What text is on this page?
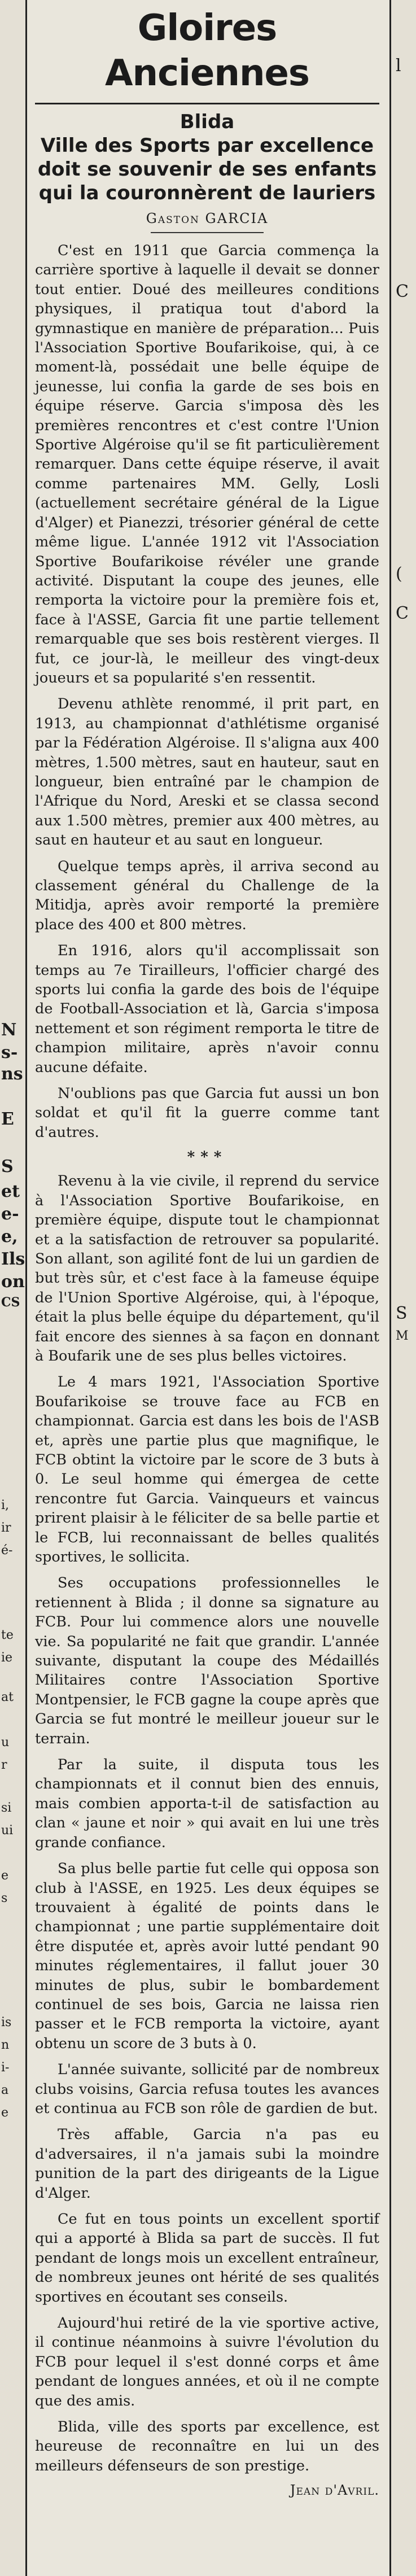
N
s-
ns
E
S
et
e-
e,
Ils
on
CS
i,
ir
é-
te
ie
at
u
r
si
ui
e
s
is
n
i-
a
e
l
C
(
C
S
M
Gloires Anciennes
Blida
Ville des Sports par excellence
doit se souvenir de ses enfants
qui la couronnèrent de lauriers
Gaston GARCIA

C'est en 1911 que Garcia commença la carrière sportive à laquelle il devait se donner tout entier. Doué des meilleures conditions physiques, il pratiqua tout d'abord la gymnastique en manière de préparation... Puis l'Association Sportive Boufarikoise, qui, à ce moment-là, possédait une belle équipe de jeunesse, lui confia la garde de ses bois en équipe réserve. Garcia s'imposa dès les premières rencontres et c'est contre l'Union Sportive Algéroise qu'il se fit particulièrement remarquer. Dans cette équipe réserve, il avait comme partenaires MM. Gelly, Losli (actuellement secrétaire général de la Ligue d'Alger) et Pianezzi, trésorier général de cette même ligue. L'année 1912 vit l'Association Sportive Boufarikoise révéler une grande activité. Disputant la coupe des jeunes, elle remporta la victoire pour la première fois et, face à l'ASSE, Garcia fit une partie tellement remarquable que ses bois restèrent vierges. Il fut, ce jour-là, le meilleur des vingt-deux joueurs et sa popularité s'en ressentit.

Devenu athlète renommé, il prit part, en 1913, au championnat d'athlétisme organisé par la Fédération Algéroise. Il s'aligna aux 400 mètres, 1.500 mètres, saut en hauteur, saut en longueur, bien entraîné par le champion de l'Afrique du Nord, Areski et se classa second aux 1.500 mètres, premier aux 400 mètres, au saut en hauteur et au saut en longueur.

Quelque temps après, il arriva second au classement général du Challenge de la Mitidja, après avoir remporté la première place des 400 et 800 mètres.

En 1916, alors qu'il accomplissait son temps au 7e Tirailleurs, l'officier chargé des sports lui confia la garde des bois de l'équipe de Football-Association et là, Garcia s'imposa nettement et son régiment remporta le titre de champion militaire, après n'avoir connu aucune défaite.

N'oublions pas que Garcia fut aussi un bon soldat et qu'il fit la guerre comme tant d'autres.

***

Revenu à la vie civile, il reprend du service à l'Association Sportive Boufarikoise, en première équipe, dispute tout le championnat et a la satisfaction de retrouver sa popularité. Son allant, son agilité font de lui un gardien de but très sûr, et c'est face à la fameuse équipe de l'Union Sportive Algéroise, qui, à l'époque, était la plus belle équipe du département, qu'il fait encore des siennes à sa façon en donnant à Boufarik une de ses plus belles victoires.

Le 4 mars 1921, l'Association Sportive Boufarikoise se trouve face au FCB en championnat. Garcia est dans les bois de l'ASB et, après une partie plus que magnifique, le FCB obtint la victoire par le score de 3 buts à 0. Le seul homme qui émergea de cette rencontre fut Garcia. Vainqueurs et vaincus prirent plaisir à le féliciter de sa belle partie et le FCB, lui reconnaissant de belles qualités sportives, le sollicita.

Ses occupations professionnelles le retiennent à Blida ; il donne sa signature au FCB. Pour lui commence alors une nouvelle vie. Sa popularité ne fait que grandir. L'année suivante, disputant la coupe des Médaillés Militaires contre l'Association Sportive Montpensier, le FCB gagne la coupe après que Garcia se fut montré le meilleur joueur sur le terrain.

Par la suite, il disputa tous les championnats et il connut bien des ennuis, mais combien apporta-t-il de satisfaction au clan « jaune et noir » qui avait en lui une très grande confiance.

Sa plus belle partie fut celle qui opposa son club à l'ASSE, en 1925. Les deux équipes se trouvaient à égalité de points dans le championnat ; une partie supplémentaire doit être disputée et, après avoir lutté pendant 90 minutes réglementaires, il fallut jouer 30 minutes de plus, subir le bombardement continuel de ses bois, Garcia ne laissa rien passer et le FCB remporta la victoire, ayant obtenu un score de 3 buts à 0.

L'année suivante, sollicité par de nombreux clubs voisins, Garcia refusa toutes les avances et continua au FCB son rôle de gardien de but.

Très affable, Garcia n'a pas eu d'adversaires, il n'a jamais subi la moindre punition de la part des dirigeants de la Ligue d'Alger.

Ce fut en tous points un excellent sportif qui a apporté à Blida sa part de succès. Il fut pendant de longs mois un excellent entraîneur, de nombreux jeunes ont hérité de ses qualités sportives en écoutant ses conseils.

Aujourd'hui retiré de la vie sportive active, il continue néanmoins à suivre l'évolution du FCB pour lequel il s'est donné corps et âme pendant de longues années, et où il ne compte que des amis.

Blida, ville des sports par excellence, est heureuse de reconnaître en lui un des meilleurs défenseurs de son prestige.

Jean d'Avril.
